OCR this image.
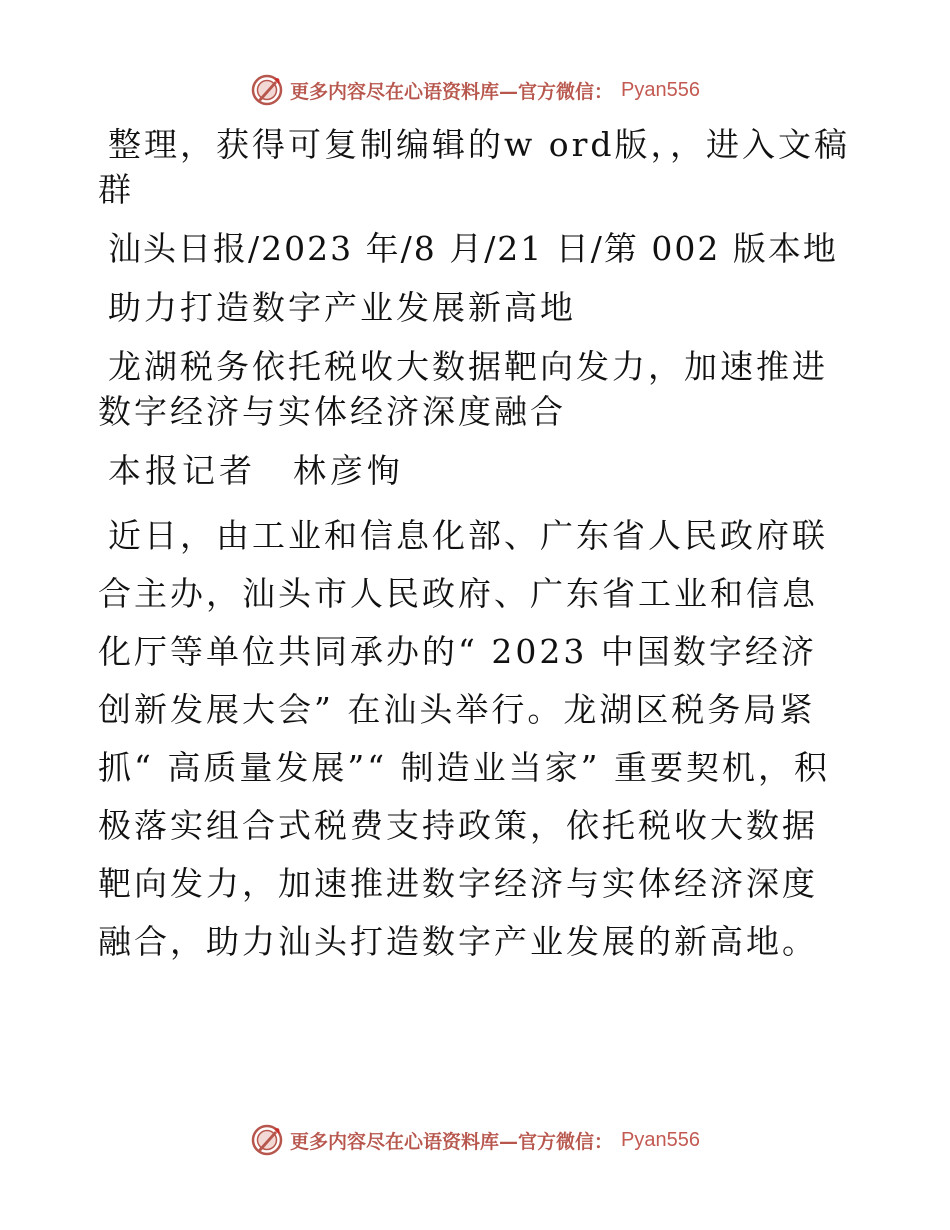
更多内容尽在心语资料库—官方微信： Pyan556

整理，获得可复制编辑的w ord版，，进入文稿群

汕头日报/2023 年/8 月/21 日/第 002 版本地

助力打造数字产业发展新高地

龙湖税务依托税收大数据靶向发力，加速推进数字经济与实体经济深度融合

本报记者　林彦恂

近日，由工业和信息化部、广东省人民政府联合主办，汕头市人民政府、广东省工业和信息化厅等单位共同承办的“ 2023 中国数字经济创新发展大会” 在汕头举行。龙湖区税务局紧抓“ 高质量发展”“ 制造业当家” 重要契机，积极落实组合式税费支持政策，依托税收大数据靶向发力，加速推进数字经济与实体经济深度融合，助力汕头打造数字产业发展的新高地。

更多内容尽在心语资料库—官方微信： Pyan556
